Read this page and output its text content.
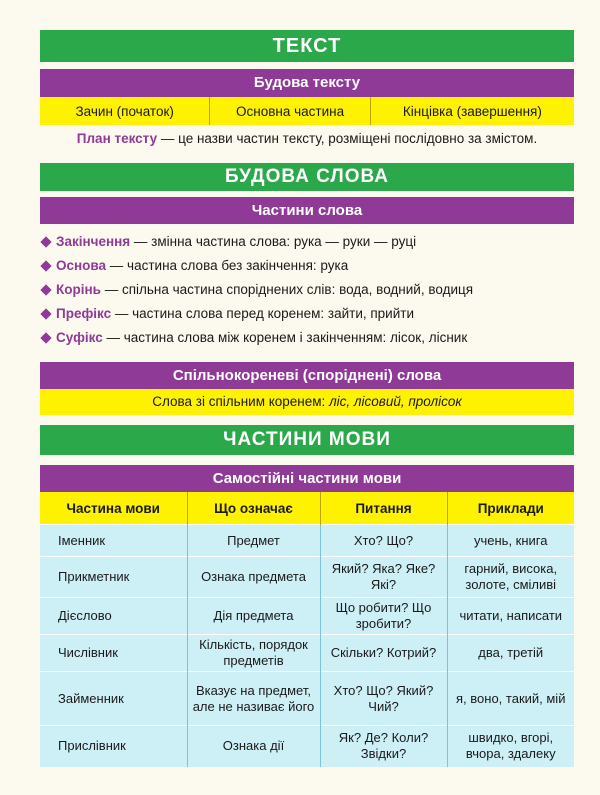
ТЕКСТ
Будова тексту
Зачин (початок)	Основна частина	Кінцівка (завершення)
План тексту — це назви частин тексту, розміщені послідовно за змістом.
БУДОВА СЛОВА
Частини слова
Закінчення — змінна частина слова: рука — руки — руці
Основа — частина слова без закінчення: рука
Корінь — спільна частина споріднених слів: вода, водний, водиця
Префікс — частина слова перед коренем: зайти, прийти
Суфікс — частина слова між коренем і закінченням: лісок, лісник
Спільнокореневі (споріднені) слова
Слова зі спільним коренем: ліс, лісовий, пролісок
ЧАСТИНИ МОВИ
Самостійні частини мови
Частина мови	Що означає	Питання	Приклади
Іменник	Предмет	Хто? Що?	учень, книга
Прикметник	Ознака предмета	Який? Яка? Яке? Які?	гарний, висока, золоте, сміливі
Дієслово	Дія предмета	Що робити? Що зробити?	читати, написати
Числівник	Кількість, порядок предметів	Скільки? Котрий?	два, третій
Займенник	Вказує на предмет, але не називає його	Хто? Що? Який? Чий?	я, воно, такий, мій
Прислівник	Ознака дії	Як? Де? Коли? Звідки?	швидко, вгорі, вчора, здалеку
